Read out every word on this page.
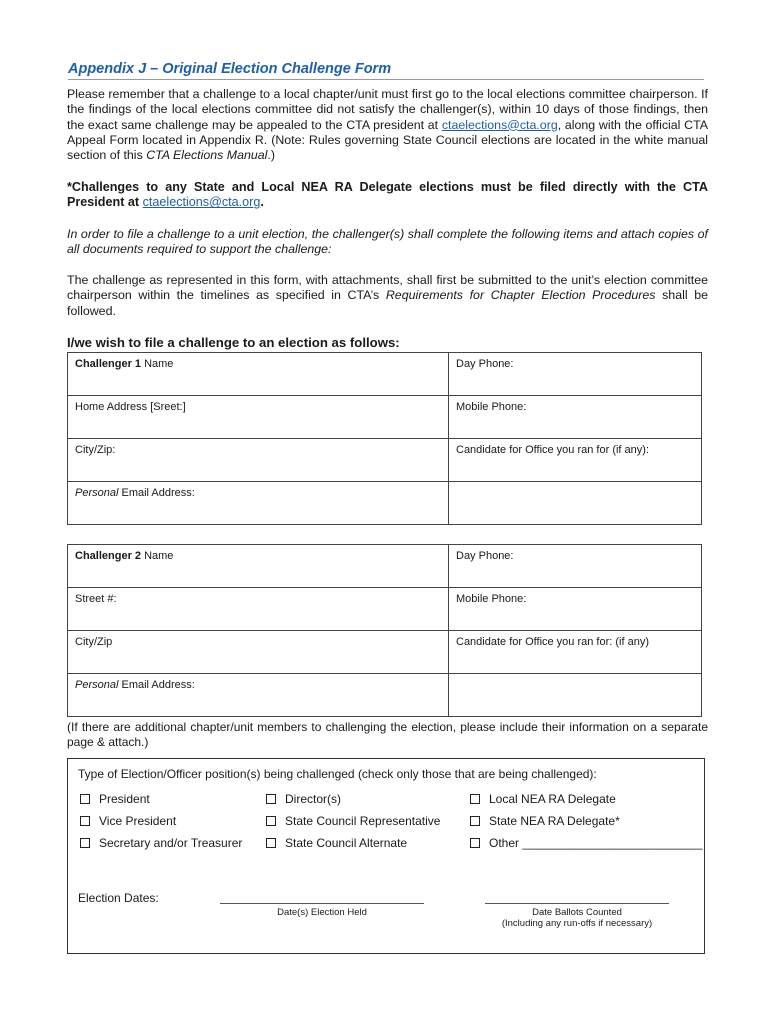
Appendix J – Original Election Challenge Form
Please remember that a challenge to a local chapter/unit must first go to the local elections committee chairperson. If the findings of the local elections committee did not satisfy the challenger(s), within 10 days of those findings, then the exact same challenge may be appealed to the CTA president at ctaelections@cta.org, along with the official CTA Appeal Form located in Appendix R. (Note: Rules governing State Council elections are located in the white manual section of this CTA Elections Manual.)
*Challenges to any State and Local NEA RA Delegate elections must be filed directly with the CTA President at ctaelections@cta.org.
In order to file a challenge to a unit election, the challenger(s) shall complete the following items and attach copies of all documents required to support the challenge:
The challenge as represented in this form, with attachments, shall first be submitted to the unit’s election committee chairperson within the timelines as specified in CTA’s Requirements for Chapter Election Procedures shall be followed.
I/we wish to file a challenge to an election as follows:
Challenger 1 Name	Day Phone:
Home Address [Sreet:]	Mobile Phone:
City/Zip:	Candidate for Office you ran for (if any):
Personal Email Address:	
Challenger 2 Name	Day Phone:
Street #:	Mobile Phone:
City/Zip	Candidate for Office you ran for: (if any)
Personal Email Address:	
(If there are additional chapter/unit members to challenging the election, please include their information on a separate page & attach.)
Type of Election/Officer position(s) being challenged (check only those that are being challenged):
President	Director(s)	Local NEA RA Delegate
Vice President	State Council Representative	State NEA RA Delegate*
Secretary and/or Treasurer	State Council Alternate	Other ___________________________
Election Dates:
Date(s) Election Held	Date Ballots Counted
(Including any run-offs if necessary)
